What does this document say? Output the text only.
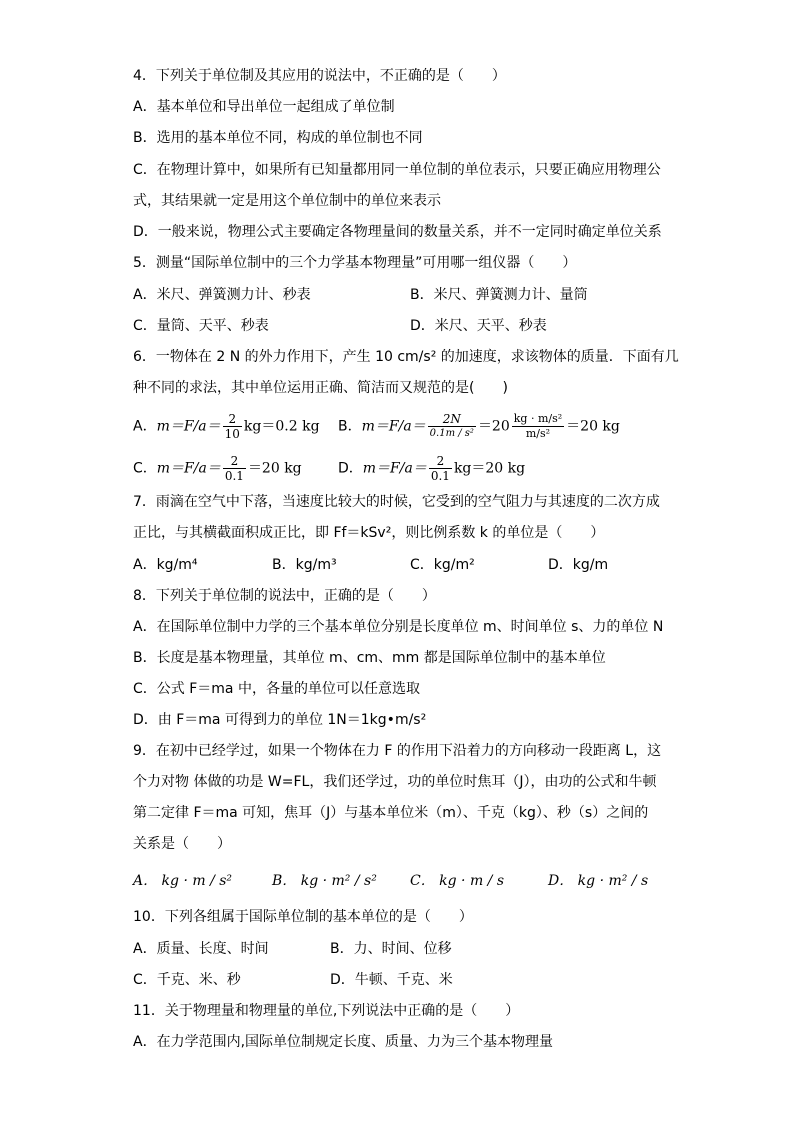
4．下列关于单位制及其应用的说法中，不正确的是（　　）
A．基本单位和导出单位一起组成了单位制
B．选用的基本单位不同，构成的单位制也不同
C．在物理计算中，如果所有已知量都用同一单位制的单位表示，只要正确应用物理公
式，其结果就一定是用这个单位制中的单位来表示
D．一般来说，物理公式主要确定各物理量间的数量关系，并不一定同时确定单位关系
5．测量“国际单位制中的三个力学基本物理量”可用哪一组仪器（　　）
A．米尺、弹簧测力计、秒表	B．米尺、弹簧测力计、量筒
C．量筒、天平、秒表	D．米尺、天平、秒表
6．一物体在 2 N 的外力作用下，产生 10 cm/s² 的加速度，求该物体的质量．下面有几
种不同的求法，其中单位运用正确、简洁而又规范的是(　　)
A．$m=F/a= \frac{2}{10} kg=0.2$ kg B．$m=F/a= \frac{2N}{\text{0.1m / s²}} =20 \frac{\text{kg · m/s²}}{\text{m/s²}} =20$ kg
C．$m=F/a= \frac{2}{0.1} =20$ kg	D．$m=F/a= \frac{2}{0.1} kg=20$ kg
7．雨滴在空气中下落，当速度比较大的时候，它受到的空气阻力与其速度的二次方成
正比，与其横截面积成正比，即 Ff＝kSv²，则比例系数 k 的单位是（　　）
A．kg/m⁴	B．kg/m³	C．kg/m²	D．kg/m
8．下列关于单位制的说法中，正确的是（　　）
A．在国际单位制中力学的三个基本单位分别是长度单位 m、时间单位 s、力的单位 N
B．长度是基本物理量，其单位 m、cm、mm 都是国际单位制中的基本单位
C．公式 F＝ma 中，各量的单位可以任意选取
D．由 F＝ma 可得到力的单位 1N＝1kg•m/s²
9．在初中已经学过，如果一个物体在力 F 的作用下沿着力的方向移动一段距离 L，这
个力对物 体做的功是 W=FL，我们还学过，功的单位时焦耳（J），由功的公式和牛顿
第二定律 F＝ma 可知，焦耳（J）与基本单位米（m）、千克（kg）、秒（s）之间的
关系是（　　）
A． kg · m / s²	B． kg · m² / s² C． kg · m / s	D． kg · m² / s
10．下列各组属于国际单位制的基本单位的是（　　）
A．质量、长度、时间	B．力、时间、位移
C．千克、米、秒	D．牛顿、千克、米
11．关于物理量和物理量的单位,下列说法中正确的是（　　）
A．在力学范围内,国际单位制规定长度、质量、力为三个基本物理量
